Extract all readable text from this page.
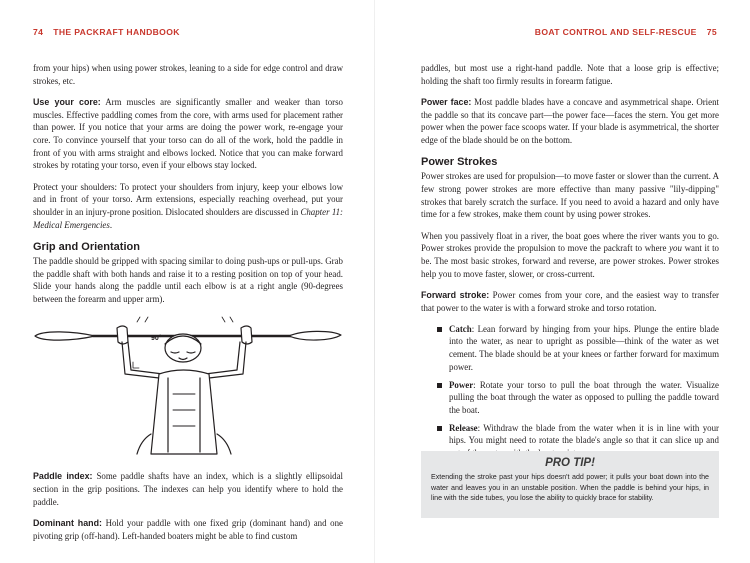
74 THE PACKRAFT HANDBOOK

from your hips) when using power strokes, leaning to a side for edge control and draw strokes, etc.

Use your core: Arm muscles are significantly smaller and weaker than torso muscles. Effective paddling comes from the core, with arms used for placement rather than power. If you notice that your arms are doing the power work, re-engage your core. To convince yourself that your torso can do all of the work, hold the paddle in front of you with arms straight and elbows locked. Notice that you can make forward strokes by rotating your torso, even if your elbows stay locked.

Protect your shoulders: To protect your shoulders from injury, keep your elbows low and in front of your torso. Arm extensions, especially reaching overhead, put your shoulder in an injury-prone position. Dislocated shoulders are discussed in Chapter 11: Medical Emergencies.

Grip and Orientation

The paddle should be gripped with spacing similar to doing push-ups or pull-ups. Grab the paddle shaft with both hands and raise it to a resting position on top of your head. Slide your hands along the paddle until each elbow is at a right angle (90-degrees between the forearm and upper arm).

90°

Paddle index: Some paddle shafts have an index, which is a slightly ellipsoidal section in the grip positions. The indexes can help you identify where to hold the paddle.

Dominant hand: Hold your paddle with one fixed grip (dominant hand) and one pivoting grip (off-hand). Left-handed boaters might be able to find custom

BOAT CONTROL AND SELF-RESCUE 75

paddles, but most use a right-hand paddle. Note that a loose grip is effective; holding the shaft too firmly results in forearm fatigue.

Power face: Most paddle blades have a concave and asymmetrical shape. Orient the paddle so that its concave part—the power face—faces the stern. You get more power when the power face scoops water. If your blade is asymmetrical, the shorter edge of the blade should be on the bottom.

Power Strokes

Power strokes are used for propulsion—to move faster or slower than the current. A few strong power strokes are more effective than many passive "lily-dipping" strokes that barely scratch the surface. If you need to avoid a hazard and only have time for a few strokes, make them count by using power strokes.

When you passively float in a river, the boat goes where the river wants you to go. Power strokes provide the propulsion to move the packraft to where you want it to be. The most basic strokes, forward and reverse, are power strokes. Power strokes help you to move faster, slower, or cross-current.

Forward stroke: Power comes from your core, and the easiest way to transfer that power to the water is with a forward stroke and torso rotation.

Catch: Lean forward by hinging from your hips. Plunge the entire blade into the water, as near to upright as possible—think of the water as wet cement. The blade should be at your knees or farther forward for maximum power.

Power: Rotate your torso to pull the boat through the water. Visualize pulling the boat through the water as opposed to pulling the paddle toward the boat.

Release: Withdraw the blade from the water when it is in line with your hips. You might need to rotate the blade's angle so that it can slice up and

PRO TIP!
Extending the stroke past your hips doesn't add power; it pulls your boat down into the water and leaves you in an unstable position. When the paddle is behind your hips, in line with the side tubes, you lose the ability to quickly brace for stability.
